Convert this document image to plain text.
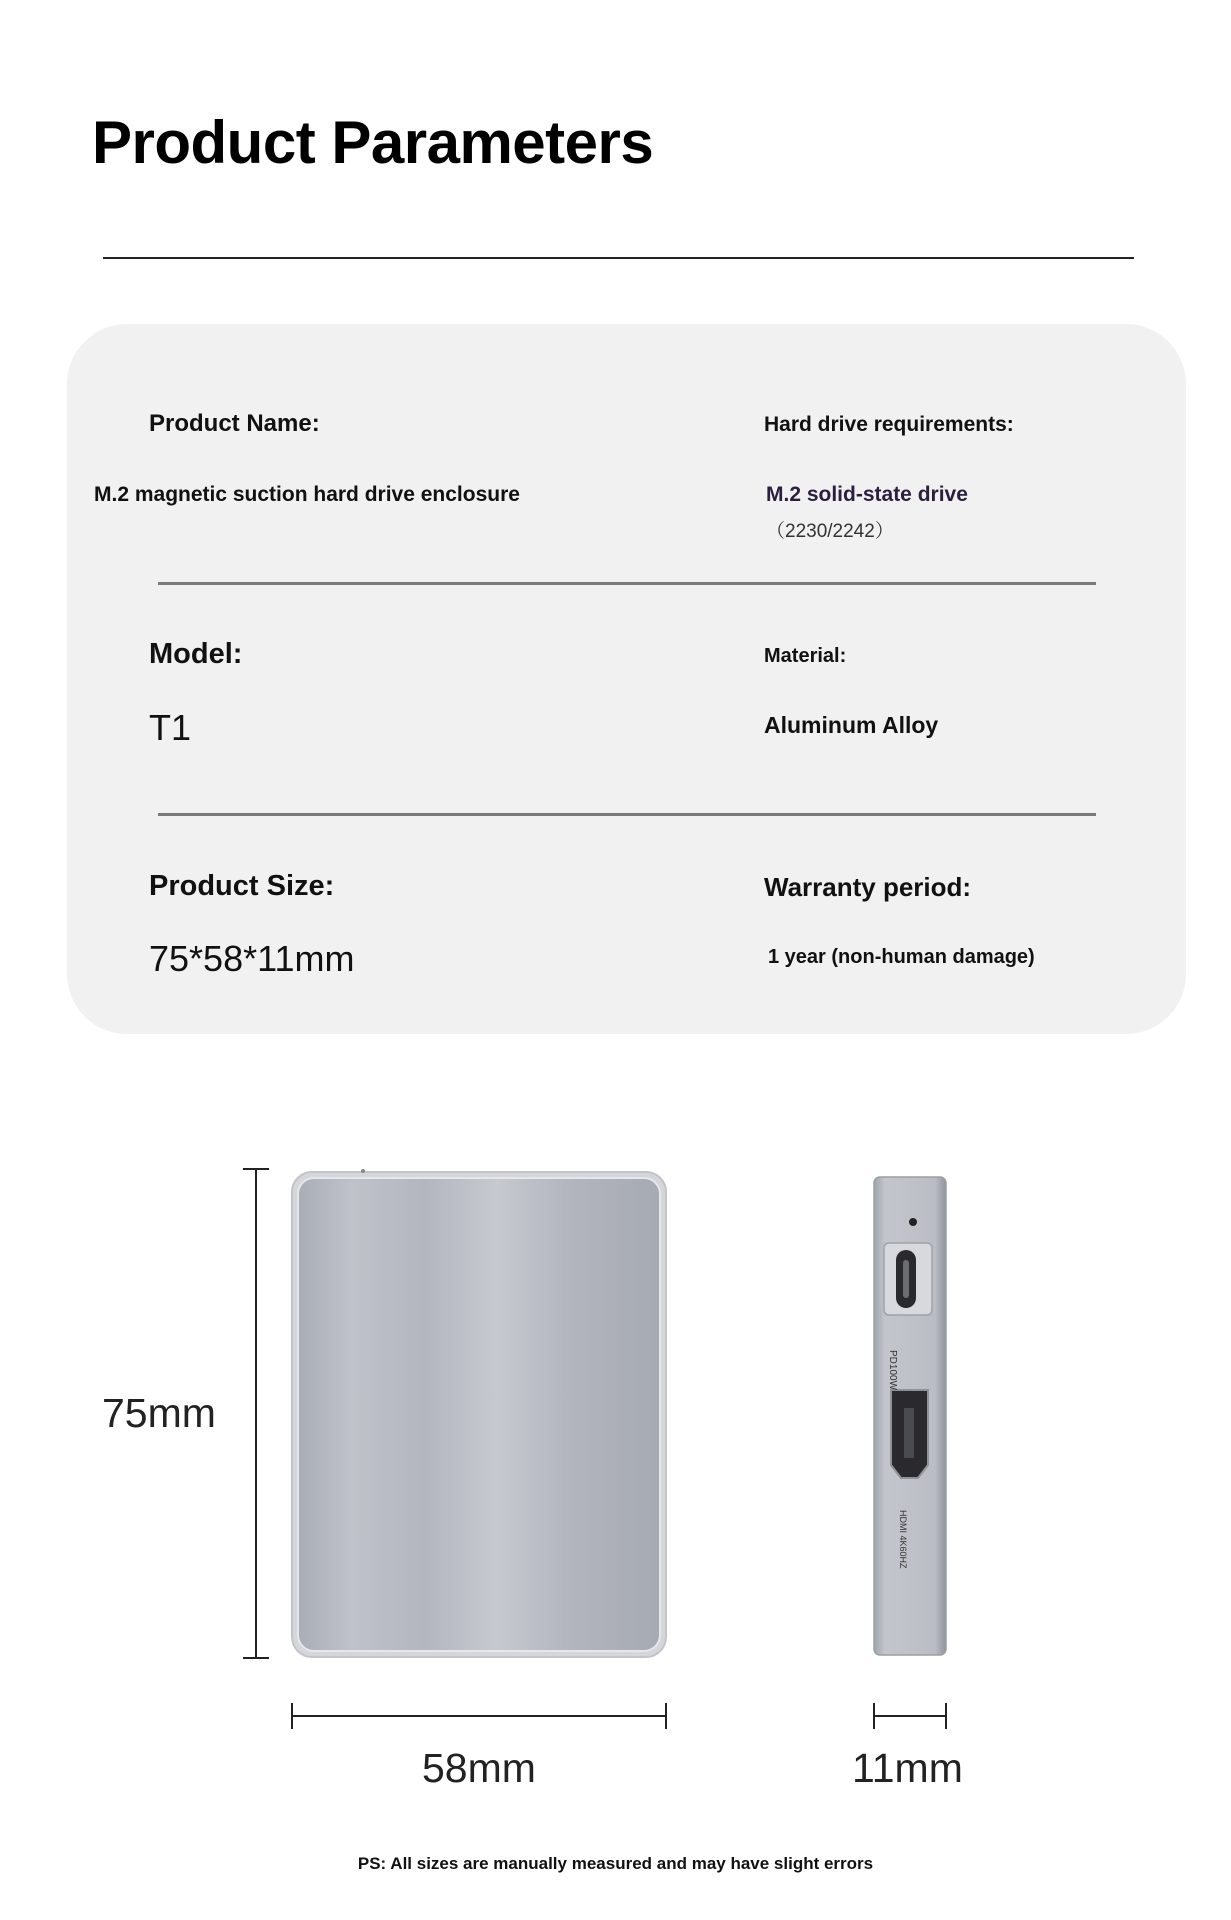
Product Parameters
Product Name:
M.2 magnetic suction hard drive enclosure
Hard drive requirements:
M.2 solid-state drive
（2230/2242）
Model:
T1
Material:
Aluminum Alloy
Product Size:
75*58*11mm
Warranty period:
1 year (non-human damage)
PD100W
HDMI 4K60HZ
75mm
58mm	11mm
PS: All sizes are manually measured and may have slight errors
